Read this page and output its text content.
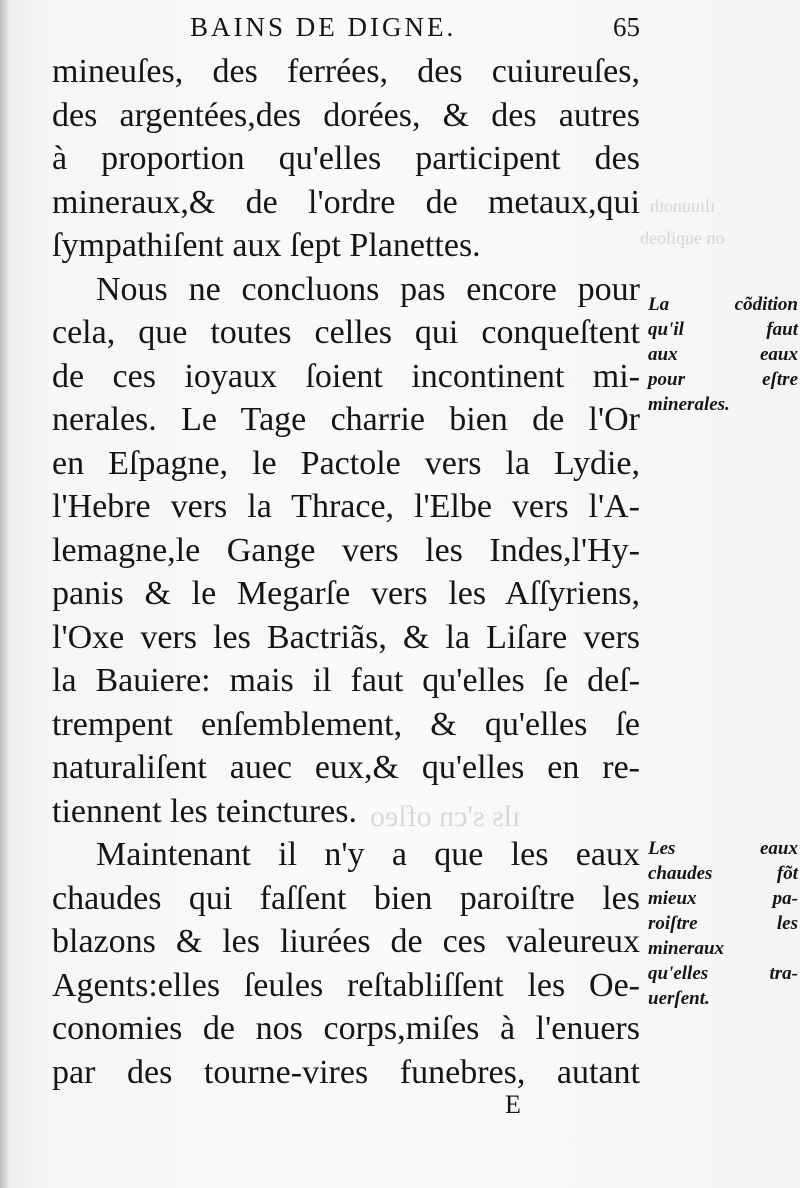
ılıuunoth
on ɘupiloɘb
ıls s'cn ofleo
BAINS DE DIGNE.	65
mineuſes, des ferrées, des cuiureuſes,
des argentées,des dorées, & des autres
à proportion qu'elles participent des
mineraux,& de l'ordre de metaux,qui
ſympathiſent aux ſept Planettes.
Nous ne concluons pas encore pour
cela, que toutes celles qui conqueſtent
de ces ioyaux ſoient incontinent mi-
nerales. Le Tage charrie bien de l'Or
en Eſpagne, le Pactole vers la Lydie,
l'Hebre vers la Thrace, l'Elbe vers l'A-
lemagne,le Gange vers les Indes,l'Hy-
panis & le Megarſe vers les Aſſyriens,
l'Oxe vers les Bactriãs, & la Liſare vers
la Bauiere: mais il faut qu'elles ſe deſ-
trempent enſemblement, & qu'elles ſe
naturaliſent auec eux,& qu'elles en re-
tiennent les teinctures.
Maintenant il n'y a que les eaux
chaudes qui faſſent bien paroiſtre les
blazons & les liurées de ces valeureux
Agents:elles ſeules reſtabliſſent les Oe-
conomies de nos corps,miſes à l'enuers
par des tourne-vires funebres, autant
La cõdition
qu'il faut
aux eaux
pour eſtre
minerales.
Les eaux
chaudes fõt
mieux pa-
roiſtre les
mineraux
qu'elles tra-
uerſent.
E
